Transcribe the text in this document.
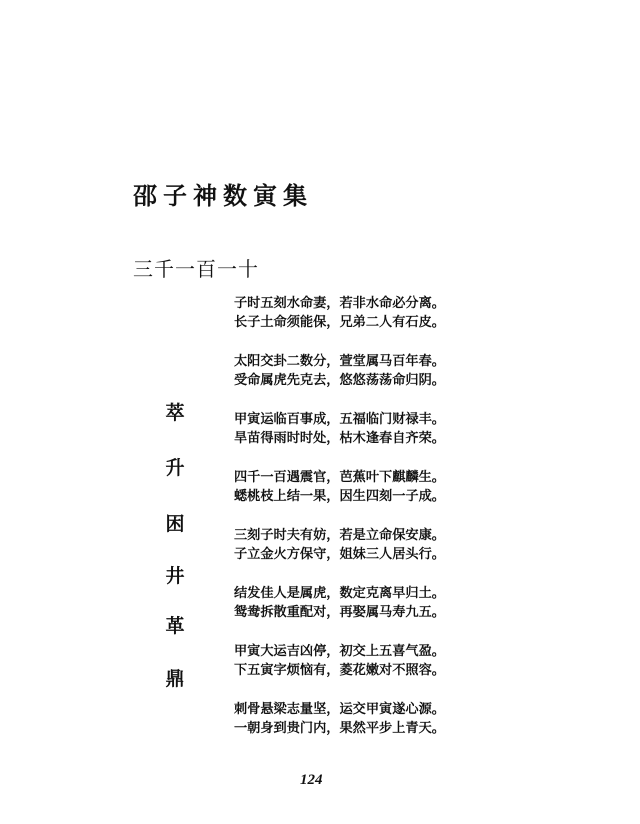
邵子神数寅集
三千一百一十
萃
升
困
井
革
鼎
子时五刻水命妻，若非水命必分离。
长子土命须能保，兄弟二人有石皮。
太阳交卦二数分，萱堂属马百年春。
受命属虎先克去，悠悠荡荡命归阴。
甲寅运临百事成，五福临门财禄丰。
旱苗得雨时时处，枯木逢春自齐荣。
四千一百遇震官，芭蕉叶下麒麟生。
蟋桃枝上结一果，因生四刻一子成。
三刻子时夫有妨，若是立命保安康。
子立金火方保守，姐妹三人居头行。
结发佳人是属虎，数定克离早归土。
鸳鸯拆散重配对，再娶属马寿九五。
甲寅大运吉凶停，初交上五喜气盈。
下五寅字烦恼有，菱花嫩对不照容。
刺骨悬梁志量坚，运交甲寅遂心源。
一朝身到贵门内，果然平步上青天。
124
